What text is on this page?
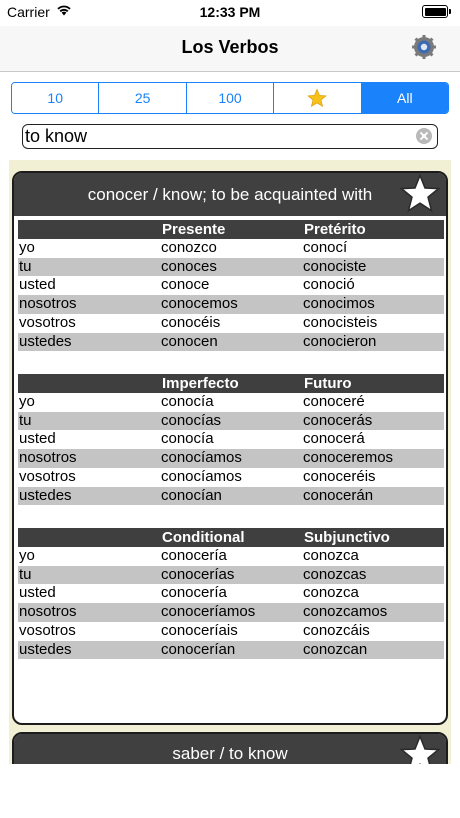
Carrier	12:33 PM
Los Verbos
10	25	100	All
to know
conocer / know; to be acquainted with
	Presente	Pretérito
yo	conozco	conocí
tu	conoces	conociste
usted	conoce	conoció
nosotros	conocemos	conocimos
vosotros	conocéis	conocisteis
ustedes	conocen	conocieron
	Imperfecto	Futuro
yo	conocía	conoceré
tu	conocías	conocerás
usted	conocía	conocerá
nosotros	conocíamos	conoceremos
vosotros	conocíamos	conoceréis
ustedes	conocían	conocerán
	Conditional	Subjunctivo
yo	conocería	conozca
tu	conocerías	conozcas
usted	conocería	conozca
nosotros	conoceríamos	conozcamos
vosotros	conoceríais	conozcáis
ustedes	conocerían	conozcan
saber / to know
